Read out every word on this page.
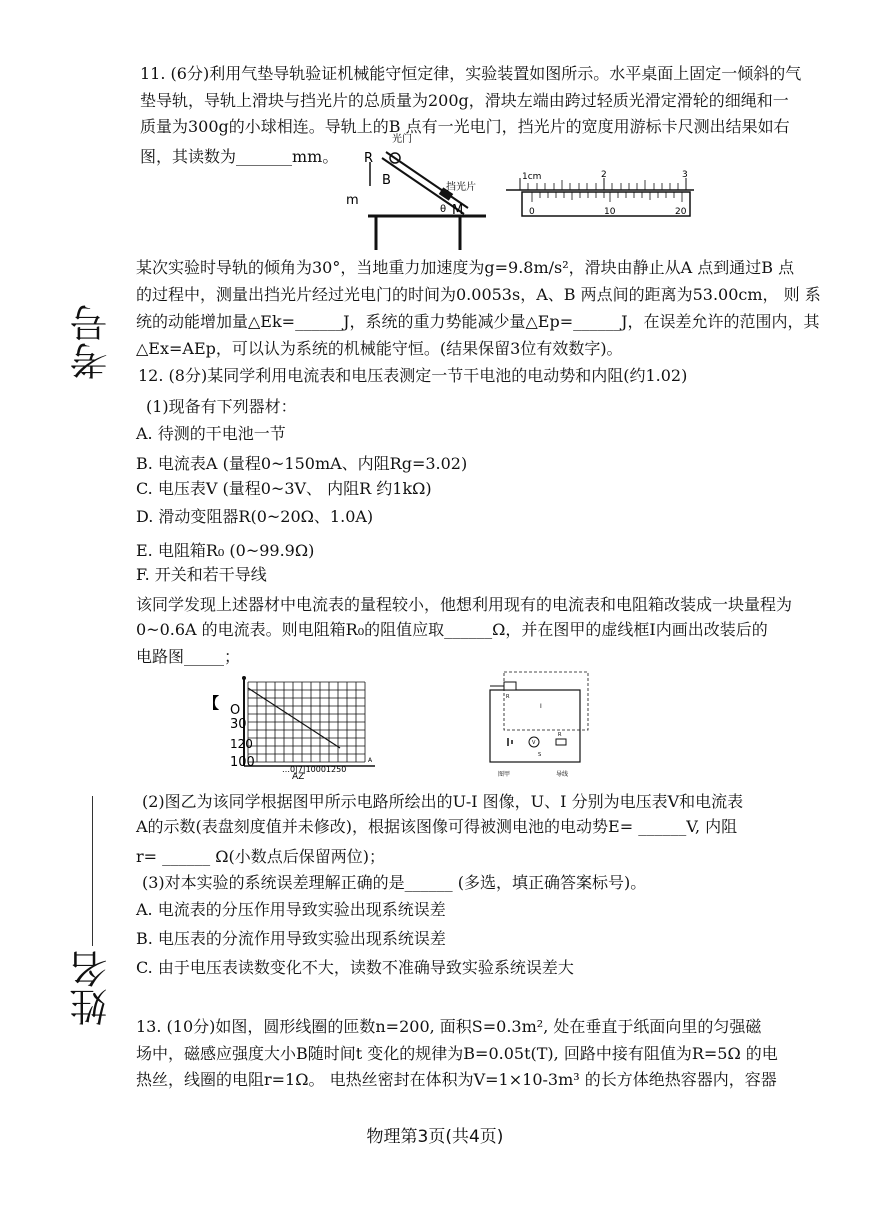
考号
姓名
11. (6分)利用气垫导轨验证机械能守恒定律，实验装置如图所示。水平桌面上固定一倾斜的气
垫导轨，导轨上滑块与挡光片的总质量为200g，滑块左端由跨过轻质光滑定滑轮的细绳和一
质量为300g的小球相连。导轨上的B 点有一光电门，挡光片的宽度用游标卡尺测出结果如右
图，其读数为_______mm。
光门
R
B
m
挡光片
θ M
1cm	2	3
0	10	20
某次实验时导轨的倾角为30°，当地重力加速度为g=9.8m/s²，滑块由静止从A 点到通过B 点
的过程中，测量出挡光片经过光电门的时间为0.0053s，A、B 两点间的距离为53.00cm， 则 系
统的动能增加量△Ek=______J，系统的重力势能减少量△Ep=______J，在误差允许的范围内，其
△Ex=AEp，可以认为系统的机械能守恒。(结果保留3位有效数字)。
12. (8分)某同学利用电流表和电压表测定一节干电池的电动势和内阻(约1.02)
(1)现备有下列器材：
A. 待测的干电池一节
B. 电流表A (量程0~150mA、内阻Rg=3.02)
C. 电压表V (量程0~3V、 内阻R 约1kΩ)
D. 滑动变阻器R(0~20Ω、1.0A)
E. 电阻箱R₀ (0~99.9Ω)
F. 开关和若干导线
该同学发现上述器材中电流表的量程较小，他想利用现有的电流表和电阻箱改装成一块量程为
0~0.6A 的电流表。则电阻箱R₀的阻值应取______Ω，并在图甲的虚线框I内画出改装后的
电路图_____；
【 O
30
120
100	…0|7|10001250
AZ
A
R
I
V
R
S
图甲	导线
(2)图乙为该同学根据图甲所示电路所绘出的U-I 图像，U、I 分别为电压表V和电流表
A的示数(表盘刻度值并未修改)，根据该图像可得被测电池的电动势E= ______V, 内阻
r= ______ Ω(小数点后保留两位)；
(3)对本实验的系统误差理解正确的是______ (多选，填正确答案标号)。
A. 电流表的分压作用导致实验出现系统误差
B. 电压表的分流作用导致实验出现系统误差
C. 由于电压表读数变化不大，读数不准确导致实验系统误差大
13. (10分)如图，圆形线圈的匝数n=200, 面积S=0.3m², 处在垂直于纸面向里的匀强磁
场中，磁感应强度大小B随时间t 变化的规律为B=0.05t(T), 回路中接有阻值为R=5Ω 的电
热丝，线圈的电阻r=1Ω。 电热丝密封在体积为V=1×10-3m³ 的长方体绝热容器内，容器
物理第3页(共4页)
